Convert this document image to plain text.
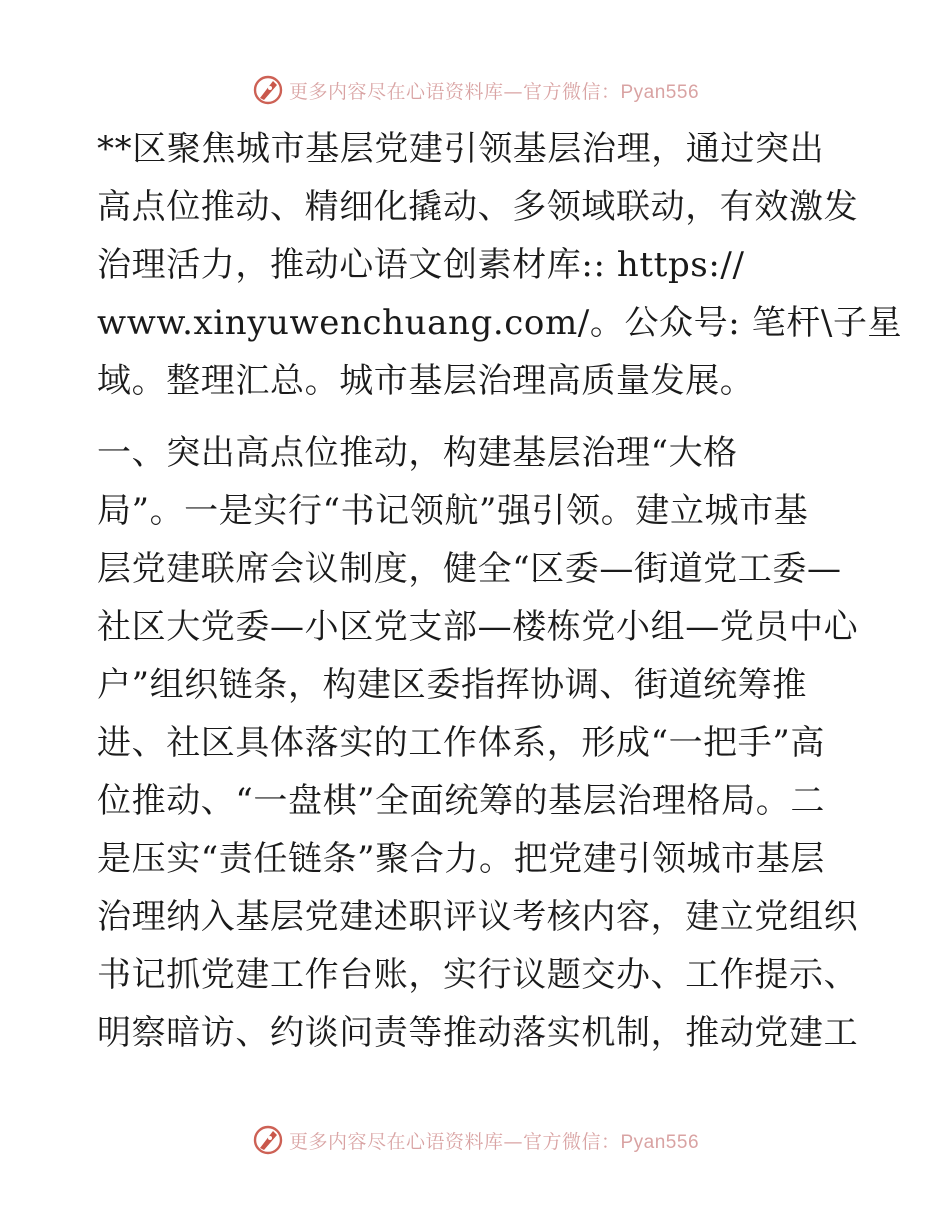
更多内容尽在心语资料库—官方微信：Pyan556
**区聚焦城市基层党建引领基层治理，通过突出
高点位推动、精细化撬动、多领域联动，有效激发
治理活力，推动心语文创素材库:: https://
www.xinyuwenchuang.com/。公众号: 笔杆\子星
域。整理汇总。城市基层治理高质量发展。
一、突出高点位推动，构建基层治理“大格
局”。一是实行“书记领航”强引领。建立城市基
层党建联席会议制度，健全“区委—街道党工委—
社区大党委—小区党支部—楼栋党小组—党员中心
户”组织链条，构建区委指挥协调、街道统筹推
进、社区具体落实的工作体系，形成“一把手”高
位推动、“一盘棋”全面统筹的基层治理格局。二
是压实“责任链条”聚合力。把党建引领城市基层
治理纳入基层党建述职评议考核内容，建立党组织
书记抓党建工作台账，实行议题交办、工作提示、
明察暗访、约谈问责等推动落实机制，推动党建工
更多内容尽在心语资料库—官方微信：Pyan556
